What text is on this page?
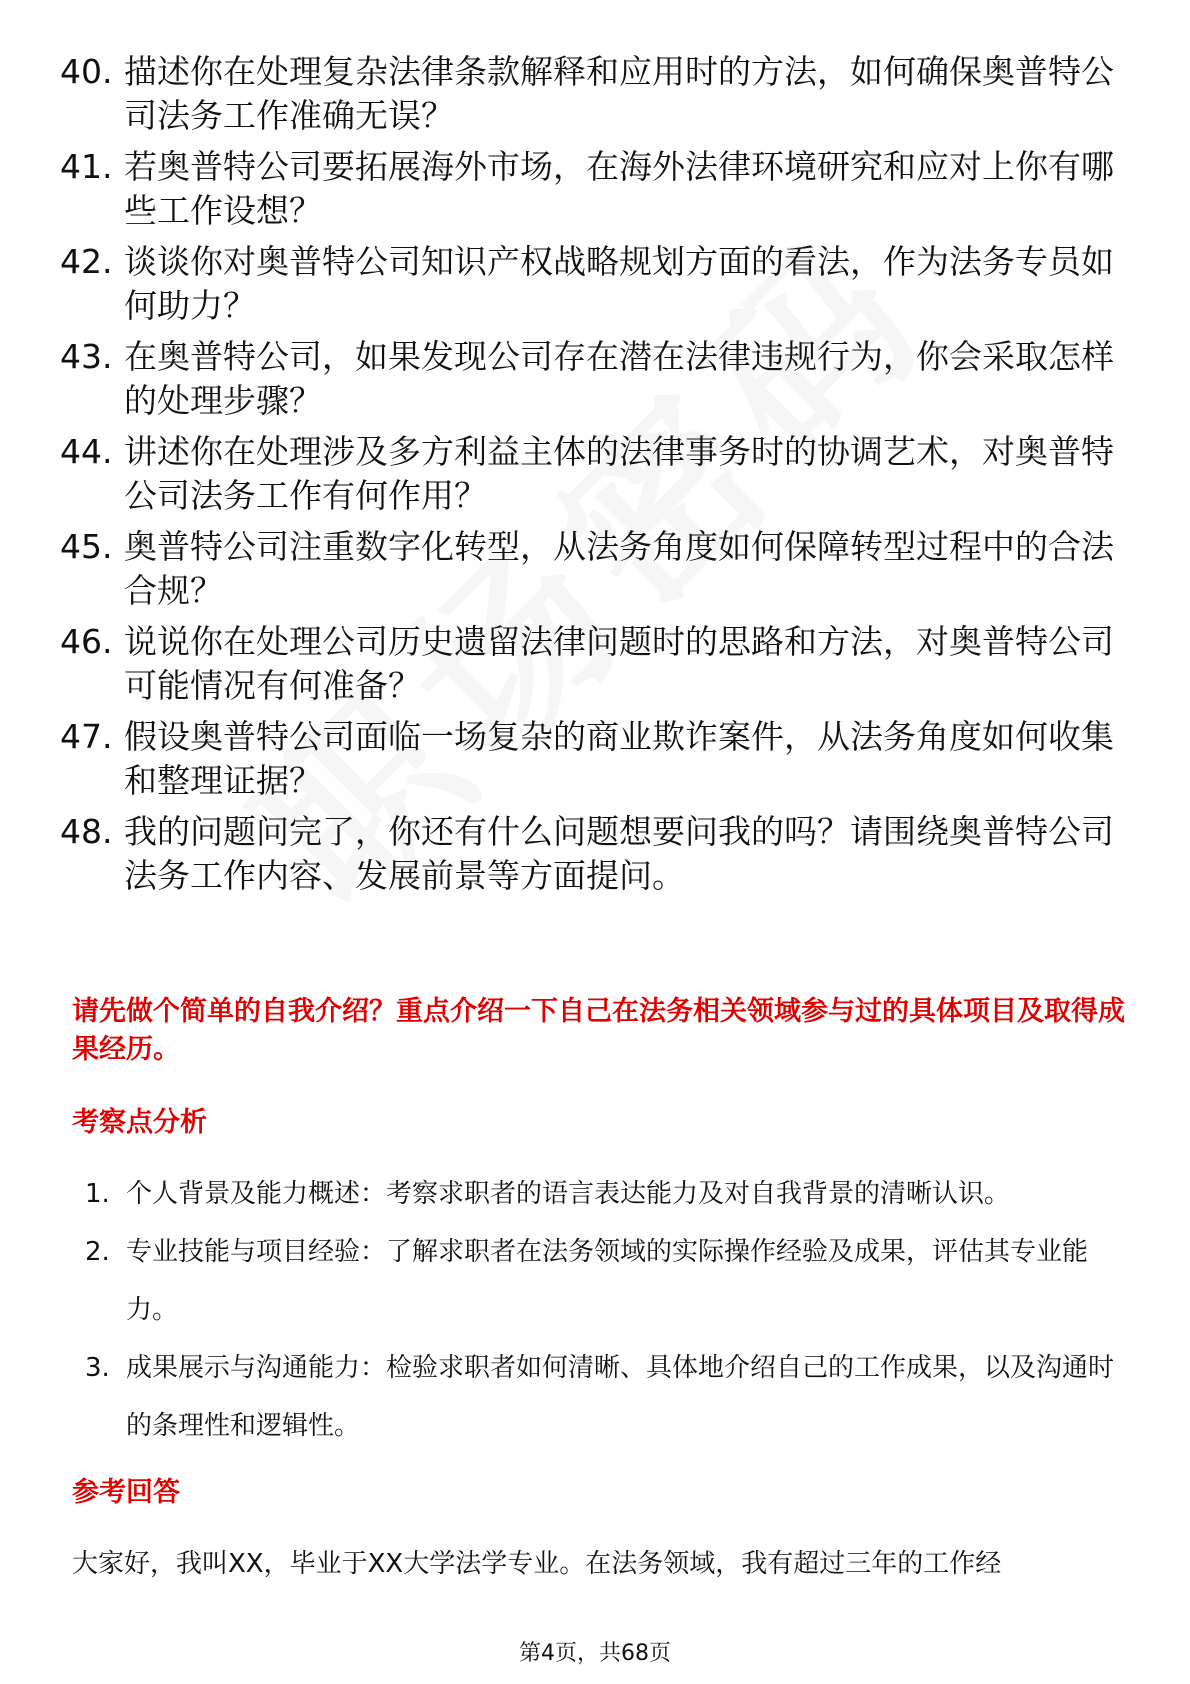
40. 描述你在处理复杂法律条款解释和应用时的方法，如何确保奥普特公司法务工作准确无误？
41. 若奥普特公司要拓展海外市场，在海外法律环境研究和应对上你有哪些工作设想？
42. 谈谈你对奥普特公司知识产权战略规划方面的看法，作为法务专员如何助力？
43. 在奥普特公司，如果发现公司存在潜在法律违规行为，你会采取怎样的处理步骤？
44. 讲述你在处理涉及多方利益主体的法律事务时的协调艺术，对奥普特公司法务工作有何作用？
45. 奥普特公司注重数字化转型，从法务角度如何保障转型过程中的合法合规？
46. 说说你在处理公司历史遗留法律问题时的思路和方法，对奥普特公司可能情况有何准备？
47. 假设奥普特公司面临一场复杂的商业欺诈案件，从法务角度如何收集和整理证据？
48. 我的问题问完了，你还有什么问题想要问我的吗？请围绕奥普特公司法务工作内容、发展前景等方面提问。

请先做个简单的自我介绍？重点介绍一下自己在法务相关领域参与过的具体项目及取得成果经历。

考察点分析
1. 个人背景及能力概述：考察求职者的语言表达能力及对自我背景的清晰认识。
2. 专业技能与项目经验：了解求职者在法务领域的实际操作经验及成果，评估其专业能力。
3. 成果展示与沟通能力：检验求职者如何清晰、具体地介绍自己的工作成果，以及沟通时的条理性和逻辑性。
参考回答

大家好，我叫XX，毕业于XX大学法学专业。在法务领域，我有超过三年的工作经

第4页，共68页
